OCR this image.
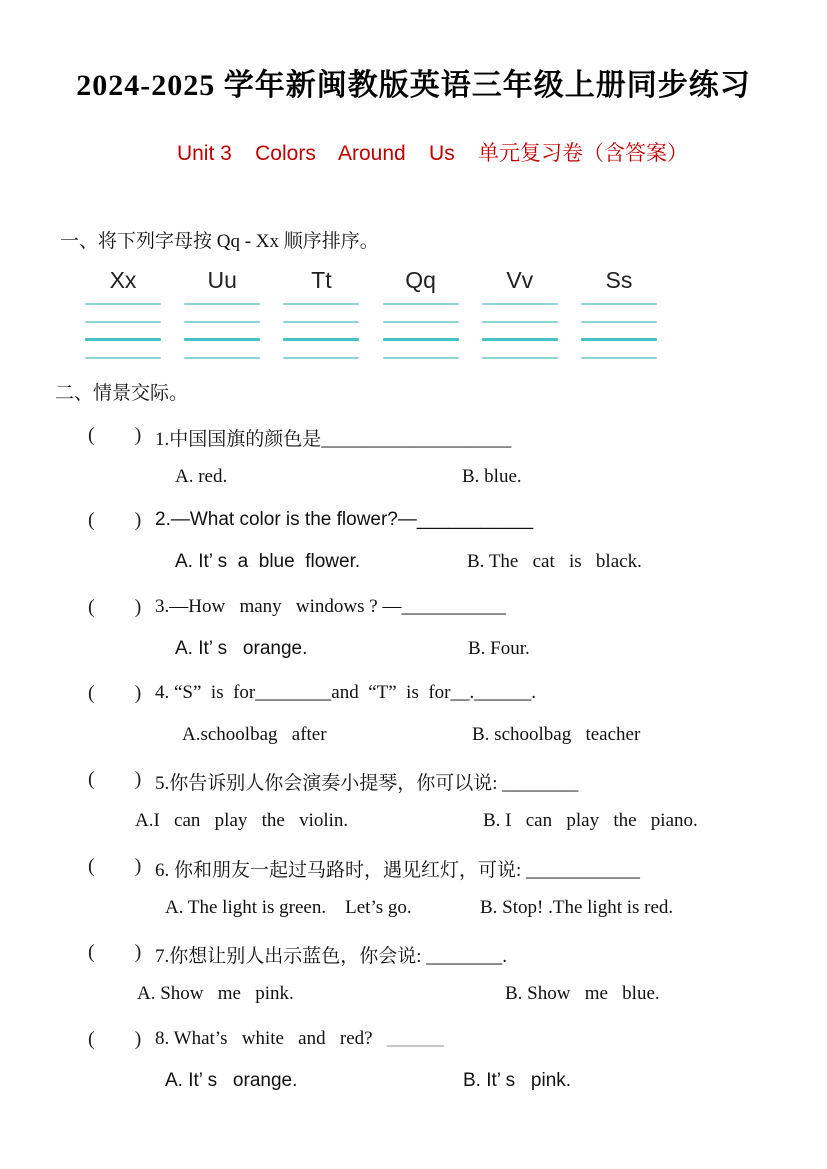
2024-2025 学年新闽教版英语三年级上册同步练习
Unit 3    Colors    Around    Us    单元复习卷（含答案）
一、将下列字母按 Qq - Xx 顺序排序。
Xx	Uu	Tt	Qq	Vv	Ss
二、情景交际。
(        ) 1.中国国旗的颜色是____________________
A. red.	B. blue.
(        ) 2.—What color is the flower?—___________
A. It’ s  a  blue  flower.	B. The   cat   is   black.
(        ) 3.—How   many   windows ? —___________
A. It’ s   orange.	B. Four.
(        ) 4. “S”  is  for________and  “T”  is  for__.______.
A.schoolbag   after	B. schoolbag   teacher
(        ) 5.你告诉别人你会演奏小提琴，你可以说: ________
A.I   can   play   the   violin.	B. I   can   play   the   piano.
(        ) 6. 你和朋友一起过马路时，遇见红灯，可说: ____________
A. The light is green.    Let’s go.	B. Stop! .The light is red.
(        ) 7.你想让别人出示蓝色，你会说: ________.
A. Show   me   pink.	B. Show   me   blue.
(        ) 8. What’s   white   and   red?   ______
A. It’ s   orange.	B. It’ s   pink.
